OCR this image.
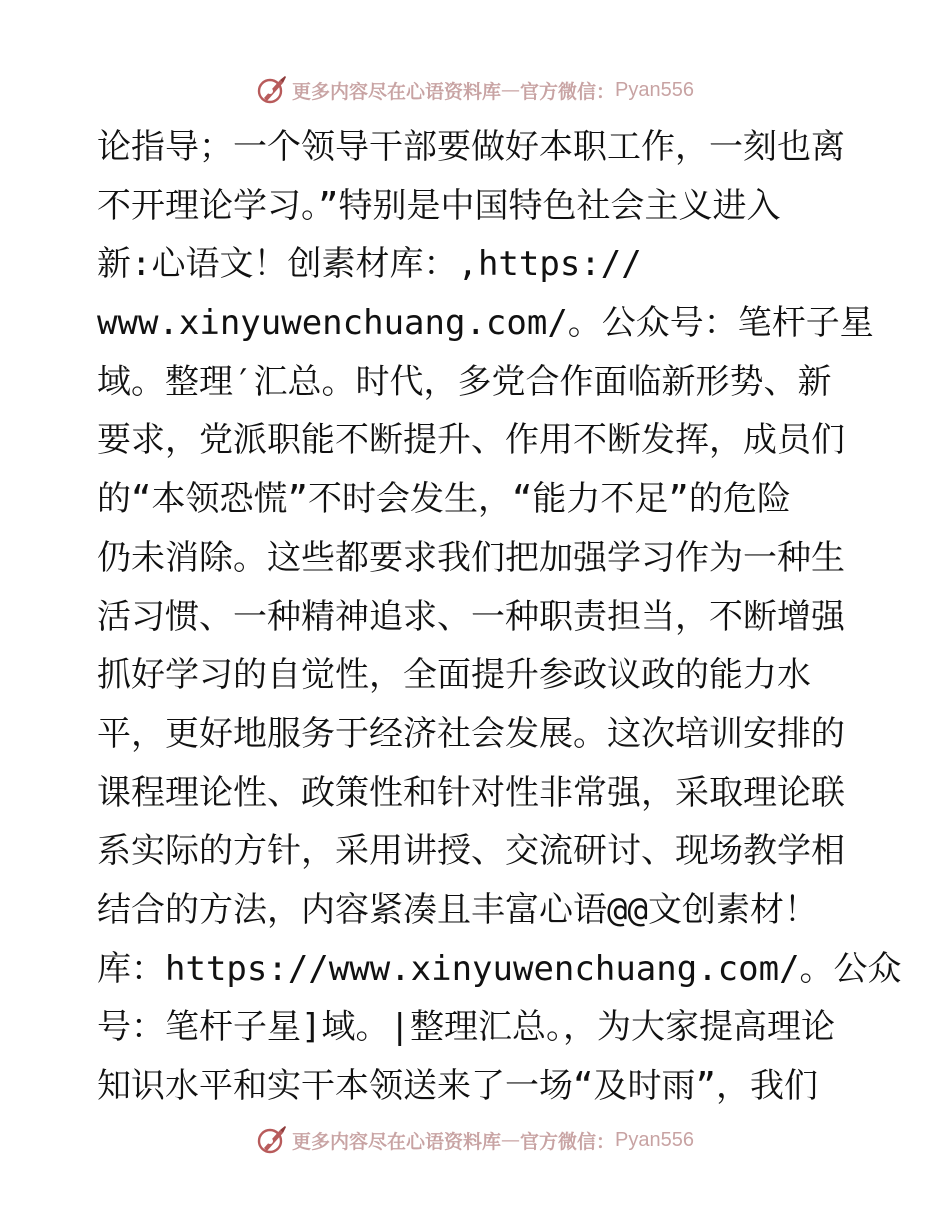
更多内容尽在心语资料库 — 官方微信： Pyan556
论指导；一个领导干部要做好本职工作，一刻也离
不开理论学习。”特别是中国特色社会主义进入
新:心语文！创素材库：,https://
www.xinyuwenchuang.com/。公众号：笔杆子星
域。整理′汇总。时代，多党合作面临新形势、新
要求，党派职能不断提升、作用不断发挥，成员们
的“本领恐慌”不时会发生，“能力不足”的危险
仍未消除。这些都要求我们把加强学习作为一种生
活习惯、一种精神追求、一种职责担当，不断增强
抓好学习的自觉性，全面提升参政议政的能力水
平，更好地服务于经济社会发展。这次培训安排的
课程理论性、政策性和针对性非常强，采取理论联
系实际的方针，采用讲授、交流研讨、现场教学相
结合的方法，内容紧凑且丰富心语@@文创素材！
库：https://www.xinyuwenchuang.com/。公众
号：笔杆子星]域。|整理汇总。，为大家提高理论
知识水平和实干本领送来了一场“及时雨”，我们
更多内容尽在心语资料库 — 官方微信： Pyan556
